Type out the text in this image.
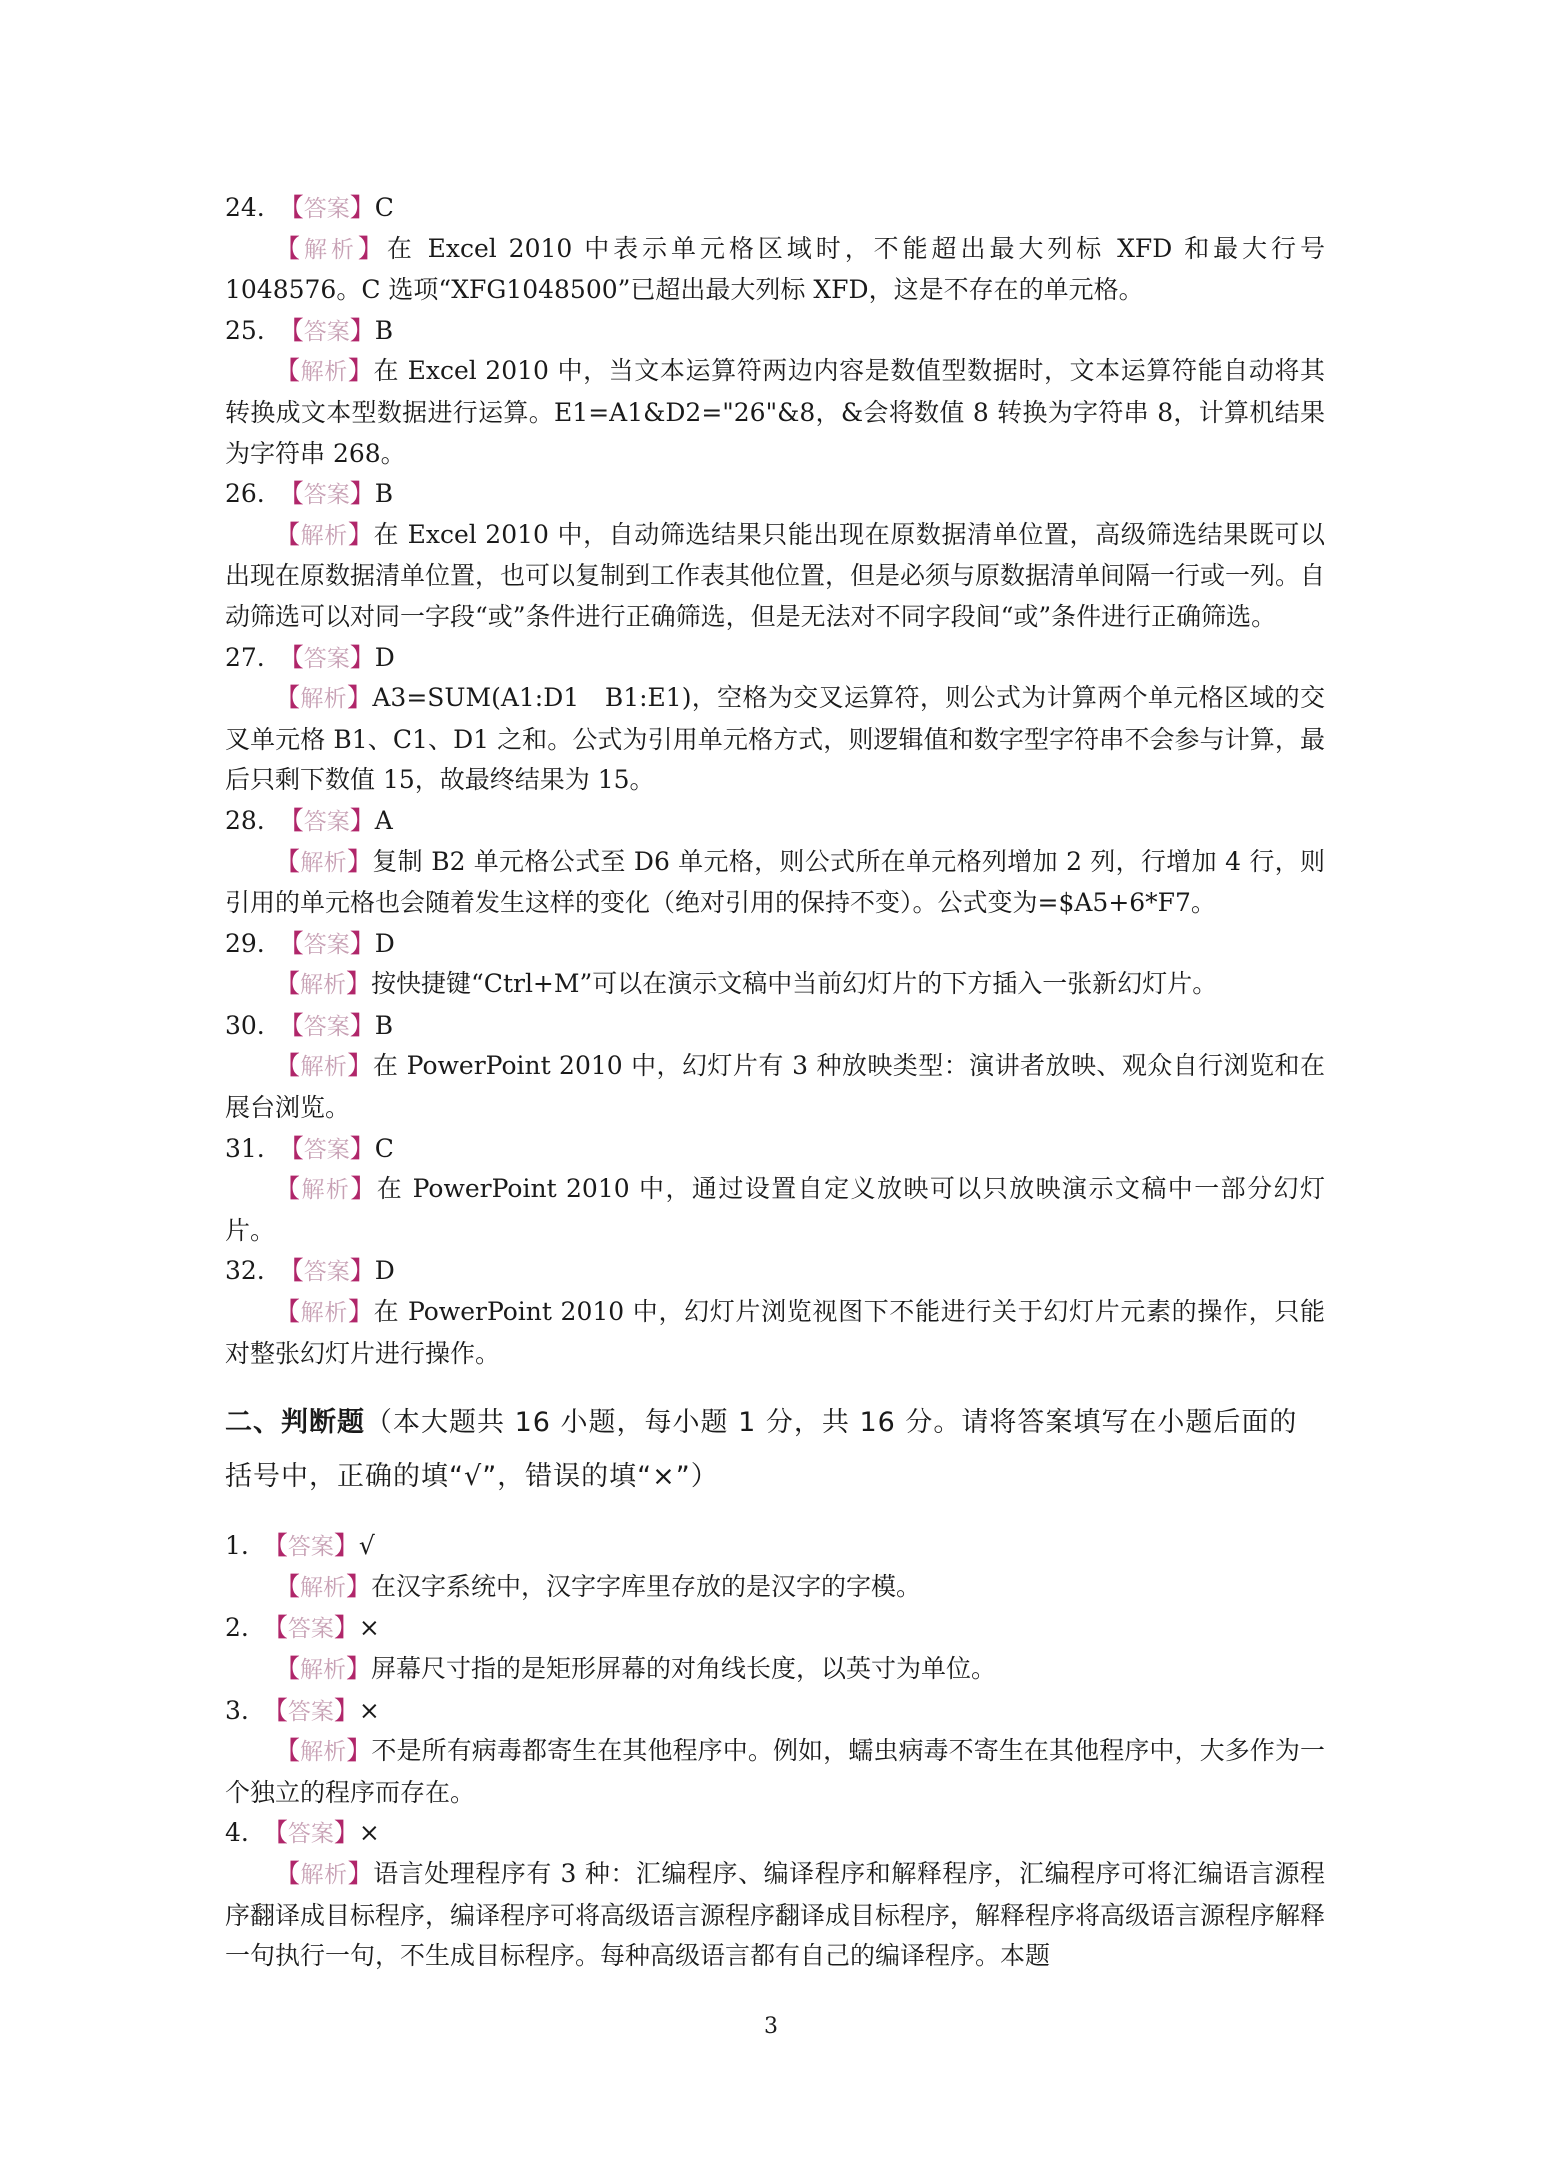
24. 【答案】C
【解析】在 Excel 2010 中表示单元格区域时，不能超出最大列标 XFD 和最大行号 1048576。C 选项“XFG1048500”已超出最大列标 XFD，这是不存在的单元格。
25. 【答案】B
【解析】在 Excel 2010 中，当文本运算符两边内容是数值型数据时，文本运算符能自动将其转换成文本型数据进行运算。E1=A1&D2="26"&8，&会将数值 8 转换为字符串 8，计算机结果为字符串 268。
26. 【答案】B
【解析】在 Excel 2010 中，自动筛选结果只能出现在原数据清单位置，高级筛选结果既可以出现在原数据清单位置，也可以复制到工作表其他位置，但是必须与原数据清单间隔一行或一列。自动筛选可以对同一字段“或”条件进行正确筛选，但是无法对不同字段间“或”条件进行正确筛选。
27. 【答案】D
【解析】A3=SUM(A1:D1　B1:E1)，空格为交叉运算符，则公式为计算两个单元格区域的交叉单元格 B1、C1、D1 之和。公式为引用单元格方式，则逻辑值和数字型字符串不会参与计算，最后只剩下数值 15，故最终结果为 15。
28. 【答案】A
【解析】复制 B2 单元格公式至 D6 单元格，则公式所在单元格列增加 2 列，行增加 4 行，则引用的单元格也会随着发生这样的变化（绝对引用的保持不变）。公式变为=$A5+6*F7。
29. 【答案】D
【解析】按快捷键“Ctrl+M”可以在演示文稿中当前幻灯片的下方插入一张新幻灯片。
30. 【答案】B
【解析】在 PowerPoint 2010 中，幻灯片有 3 种放映类型：演讲者放映、观众自行浏览和在展台浏览。
31. 【答案】C
【解析】在 PowerPoint 2010 中，通过设置自定义放映可以只放映演示文稿中一部分幻灯片。
32. 【答案】D
【解析】在 PowerPoint 2010 中，幻灯片浏览视图下不能进行关于幻灯片元素的操作，只能对整张幻灯片进行操作。
二、判断题（本大题共 16 小题，每小题 1 分，共 16 分。请将答案填写在小题后面的括号中，正确的填“√”，错误的填“×”）
1. 【答案】√
【解析】在汉字系统中，汉字字库里存放的是汉字的字模。
2. 【答案】×
【解析】屏幕尺寸指的是矩形屏幕的对角线长度，以英寸为单位。
3. 【答案】×
【解析】不是所有病毒都寄生在其他程序中。例如，蠕虫病毒不寄生在其他程序中，大多作为一个独立的程序而存在。
4. 【答案】×
【解析】语言处理程序有 3 种：汇编程序、编译程序和解释程序，汇编程序可将汇编语言源程序翻译成目标程序，编译程序可将高级语言源程序翻译成目标程序，解释程序将高级语言源程序解释一句执行一句，不生成目标程序。每种高级语言都有自己的编译程序。本题
3
